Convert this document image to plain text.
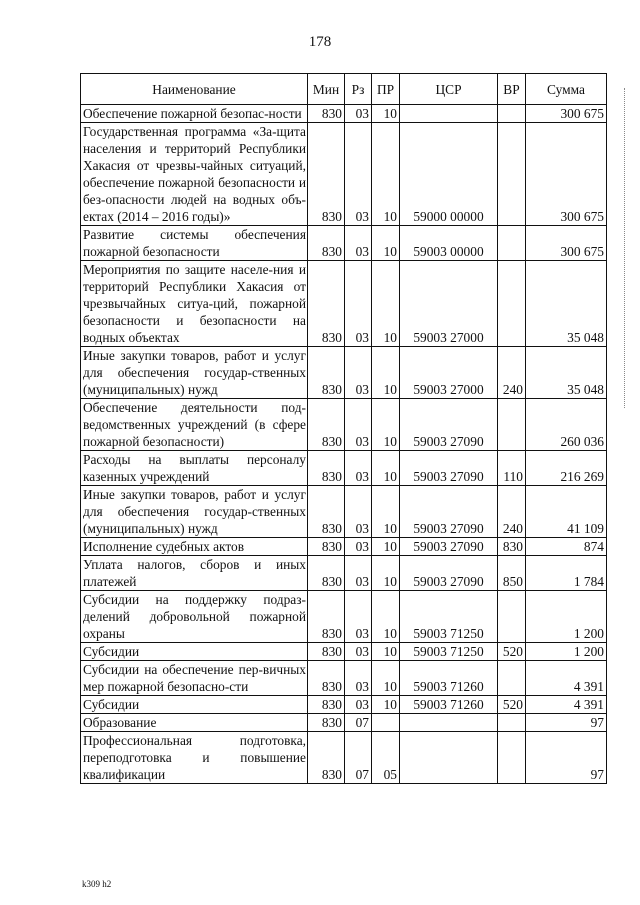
178
Наименование	Мин	Рз	ПР	ЦСР	ВР	Сумма
Обеспечение пожарной безопас-ности	830	03	10			300 675
Государственная программа «За-щита населения и территорий Республики Хакасия от чрезвы-чайных ситуаций, обеспечение пожарной безопасности и без-опасности людей на водных объ-ектах (2014 – 2016 годы)»	830	03	10	59000 00000		300 675
Развитие системы обеспечения пожарной безопасности	830	03	10	59003 00000		300 675
Мероприятия по защите населе-ния и территорий Республики Хакасия от чрезвычайных ситуа-ций, пожарной безопасности и безопасности на водных объектах	830	03	10	59003 27000		35 048
Иные закупки товаров, работ и услуг для обеспечения государ-ственных (муниципальных) нужд	830	03	10	59003 27000	240	35 048
Обеспечение деятельности под-ведомственных учреждений (в сфере пожарной безопасности)	830	03	10	59003 27090		260 036
Расходы на выплаты персоналу казенных учреждений	830	03	10	59003 27090	110	216 269
Иные закупки товаров, работ и услуг для обеспечения государ-ственных (муниципальных) нужд	830	03	10	59003 27090	240	41 109
Исполнение судебных актов	830	03	10	59003 27090	830	874
Уплата налогов, сборов и иных платежей	830	03	10	59003 27090	850	1 784
Субсидии на поддержку подраз-делений добровольной пожарной охраны	830	03	10	59003 71250		1 200
Субсидии	830	03	10	59003 71250	520	1 200
Субсидии на обеспечение пер-вичных мер пожарной безопасно-сти	830	03	10	59003 71260		4 391
Субсидии	830	03	10	59003 71260	520	4 391
Образование	830	07				97
Профессиональная подготовка, переподготовка и повышение квалификации	830	07	05			97
k309 h2
